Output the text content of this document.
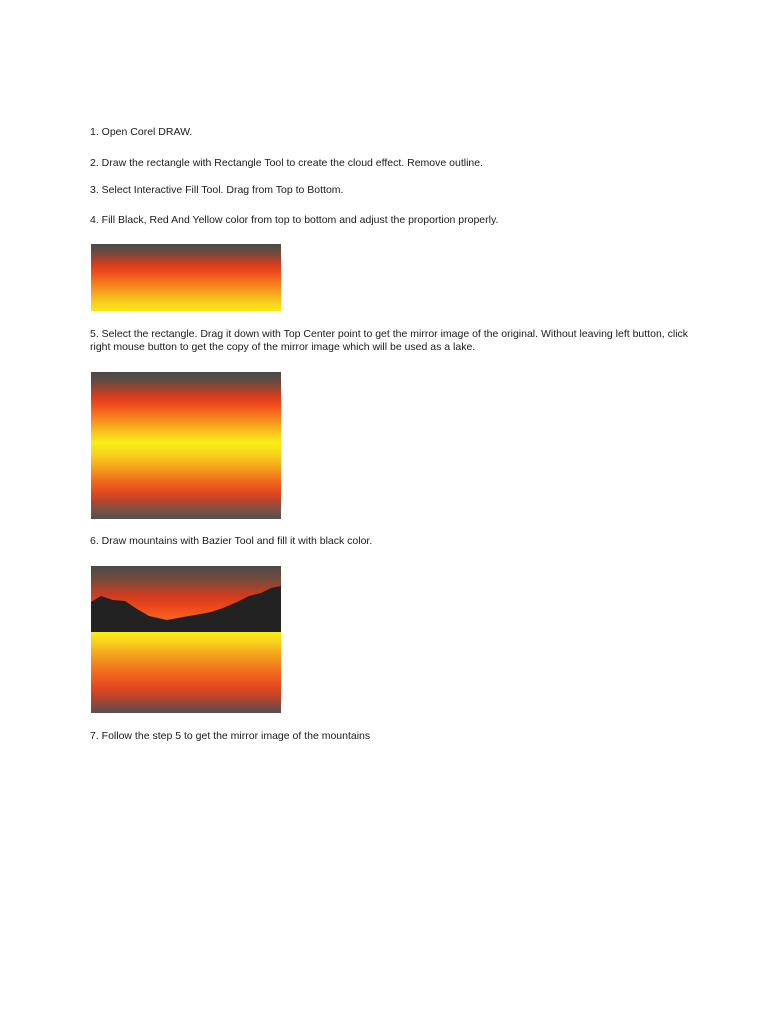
1. Open Corel DRAW.

2. Draw the rectangle with Rectangle Tool to create the cloud effect. Remove outline.

3. Select Interactive Fill Tool. Drag from Top to Bottom.

4. Fill Black, Red And Yellow color from top to bottom and adjust the proportion properly.

5. Select the rectangle. Drag it down with Top Center point to get the mirror image of the original. Without leaving left button, click right mouse button to get the copy of the mirror image which will be used as a lake.

6. Draw mountains with Bazier Tool and fill it with black color.

7. Follow the step 5 to get the mirror image of the mountains
